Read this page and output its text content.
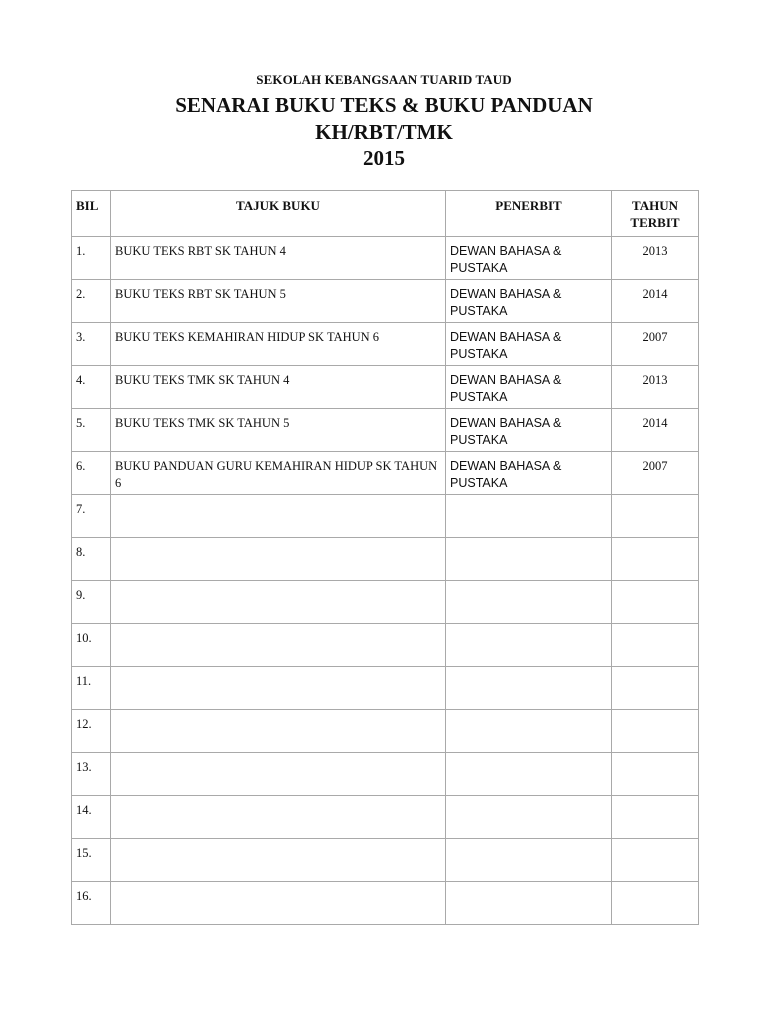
SEKOLAH KEBANGSAAN TUARID TAUD
SENARAI BUKU TEKS & BUKU PANDUAN
KH/RBT/TMK
2015
BIL	TAJUK BUKU	PENERBIT	TAHUN TERBIT
1.	BUKU TEKS RBT SK TAHUN 4	DEWAN BAHASA & PUSTAKA	2013
2.	BUKU TEKS RBT SK TAHUN 5	DEWAN BAHASA & PUSTAKA	2014
3.	BUKU TEKS KEMAHIRAN HIDUP SK TAHUN 6	DEWAN BAHASA & PUSTAKA	2007
4.	BUKU TEKS TMK SK TAHUN 4	DEWAN BAHASA & PUSTAKA	2013
5.	BUKU TEKS TMK SK TAHUN 5	DEWAN BAHASA & PUSTAKA	2014
6.	BUKU PANDUAN GURU KEMAHIRAN HIDUP SK TAHUN 6	DEWAN BAHASA & PUSTAKA	2007
7.			
8.			
9.			
10.			
11.			
12.			
13.			
14.			
15.			
16.			
